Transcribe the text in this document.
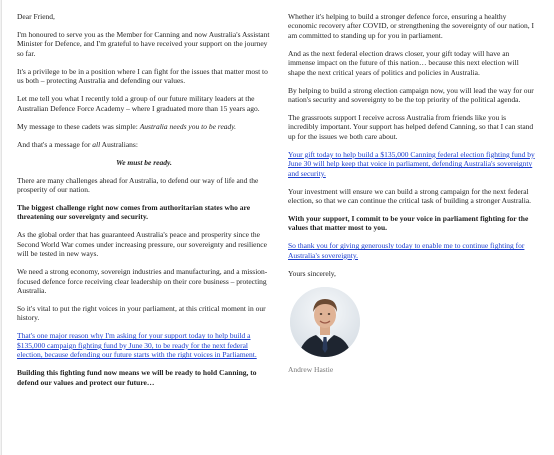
Dear Friend,

I'm honoured to serve you as the Member for Canning and now Australia's Assistant Minister for Defence, and I'm grateful to have received your support on the journey so far.

It's a privilege to be in a position where I can fight for the issues that matter most to us both – protecting Australia and defending our values.

Let me tell you what I recently told a group of our future military leaders at the Australian Defence Force Academy – where I graduated more than 15 years ago.

My message to these cadets was simple: Australia needs you to be ready.

And that's a message for all Australians:

We must be ready.

There are many challenges ahead for Australia, to defend our way of life and the prosperity of our nation.

The biggest challenge right now comes from authoritarian states who are threatening our sovereignty and security.

As the global order that has guaranteed Australia's peace and prosperity since the Second World War comes under increasing pressure, our sovereignty and resilience will be tested in new ways.

We need a strong economy, sovereign industries and manufacturing, and a mission-focused defence force receiving clear leadership on their core business – protecting Australia.

So it's vital to put the right voices in your parliament, at this critical moment in our history.

That's one major reason why I'm asking for your support today to help build a $135,000 campaign fighting fund by June 30, to be ready for the next federal election, because defending our future starts with the right voices in Parliament.

Building this fighting fund now means we will be ready to hold Canning, to defend our values and protect our future…

Whether it's helping to build a stronger defence force, ensuring a healthy economic recovery after COVID, or strengthening the sovereignty of our nation, I am committed to standing up for you in parliament.

And as the next federal election draws closer, your gift today will have an immense impact on the future of this nation… because this next election will shape the next critical years of politics and policies in Australia.

By helping to build a strong election campaign now, you will lead the way for our nation's security and sovereignty to be the top priority of the political agenda.

The grassroots support I receive across Australia from friends like you is incredibly important. Your support has helped defend Canning, so that I can stand up for the issues we both care about.

Your gift today to help build a $135,000 Canning federal election fighting fund by June 30 will help keep that voice in parliament, defending Australia's sovereignty and security.

Your investment will ensure we can build a strong campaign for the next federal election, so that we can continue the critical task of building a stronger Australia.

With your support, I commit to be your voice in parliament fighting for the values that matter most to you.

So thank you for giving generously today to enable me to continue fighting for Australia's sovereignty.

Yours sincerely,

Andrew Hastie
